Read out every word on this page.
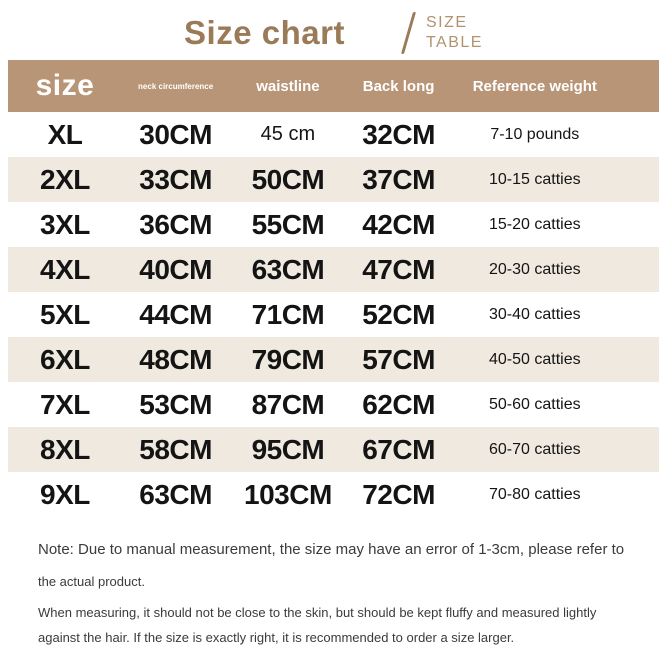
Size chart	SIZE
TABLE
size	neck circumference	waistline	Back long	Reference weight
XL	30CM	45 cm	32CM	7-10 pounds
2XL	33CM	50CM	37CM	10-15 catties
3XL	36CM	55CM	42CM	15-20 catties
4XL	40CM	63CM	47CM	20-30 catties
5XL	44CM	71CM	52CM	30-40 catties
6XL	48CM	79CM	57CM	40-50 catties
7XL	53CM	87CM	62CM	50-60 catties
8XL	58CM	95CM	67CM	60-70 catties
9XL	63CM	103CM	72CM	70-80 catties

Note: Due to manual measurement, the size may have an error of 1-3cm, please refer to

the actual product.

When measuring, it should not be close to the skin, but should be kept fluffy and measured lightly against the hair. If the size is exactly right, it is recommended to order a size larger.
